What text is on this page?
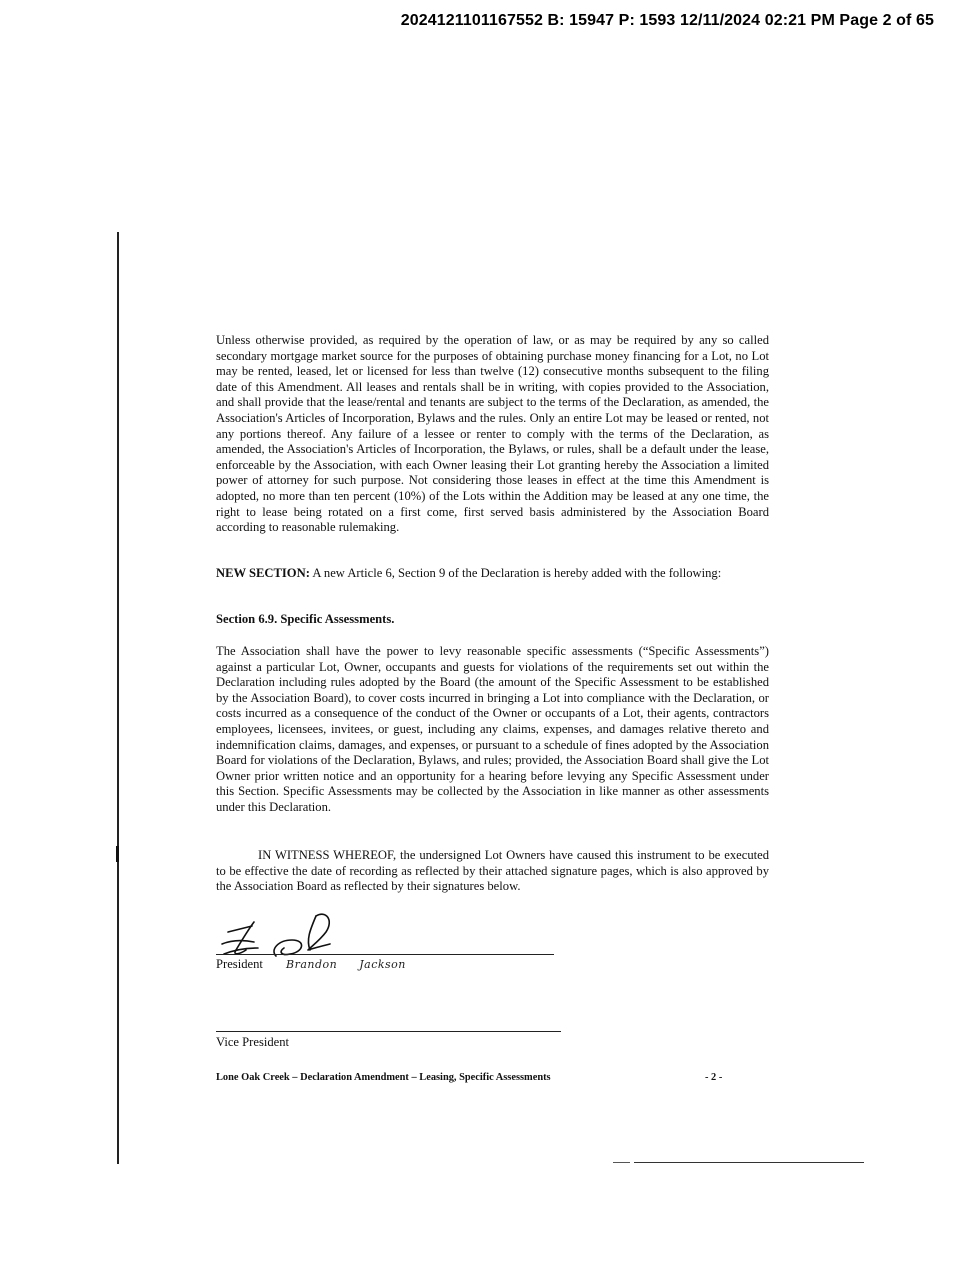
2024121101167552 B: 15947 P: 1593 12/11/2024 02:21 PM Page 2 of 65
Unless otherwise provided, as required by the operation of law, or as may be required by any so called secondary mortgage market source for the purposes of obtaining purchase money financing for a Lot, no Lot may be rented, leased, let or licensed for less than twelve (12) consecutive months subsequent to the filing date of this Amendment. All leases and rentals shall be in writing, with copies provided to the Association, and shall provide that the lease/rental and tenants are subject to the terms of the Declaration, as amended, the Association's Articles of Incorporation, Bylaws and the rules. Only an entire Lot may be leased or rented, not any portions thereof. Any failure of a lessee or renter to comply with the terms of the Declaration, as amended, the Association's Articles of Incorporation, the Bylaws, or rules, shall be a default under the lease, enforceable by the Association, with each Owner leasing their Lot granting hereby the Association a limited power of attorney for such purpose. Not considering those leases in effect at the time this Amendment is adopted, no more than ten percent (10%) of the Lots within the Addition may be leased at any one time, the right to lease being rotated on a first come, first served basis administered by the Association Board according to reasonable rulemaking.
NEW SECTION: A new Article 6, Section 9 of the Declaration is hereby added with the following:
Section 6.9. Specific Assessments.
The Association shall have the power to levy reasonable specific assessments (“Specific Assessments”) against a particular Lot, Owner, occupants and guests for violations of the requirements set out within the Declaration including rules adopted by the Board (the amount of the Specific Assessment to be established by the Association Board), to cover costs incurred in bringing a Lot into compliance with the Declaration, or costs incurred as a consequence of the conduct of the Owner or occupants of a Lot, their agents, contractors employees, licensees, invitees, or guest, including any claims, expenses, and damages relative thereto and indemnification claims, damages, and expenses, or pursuant to a schedule of fines adopted by the Association Board for violations of the Declaration, Bylaws, and rules; provided, the Association Board shall give the Lot Owner prior written notice and an opportunity for a hearing before levying any Specific Assessment under this Section. Specific Assessments may be collected by the Association in like manner as other assessments under this Declaration.
IN WITNESS WHEREOF, the undersigned Lot Owners have caused this instrument to be executed to be effective the date of recording as reflected by their attached signature pages, which is also approved by the Association Board as reflected by their signatures below.
President Brandon Jackson
Vice President
Lone Oak Creek – Declaration Amendment – Leasing, Specific Assessments	- 2 -
